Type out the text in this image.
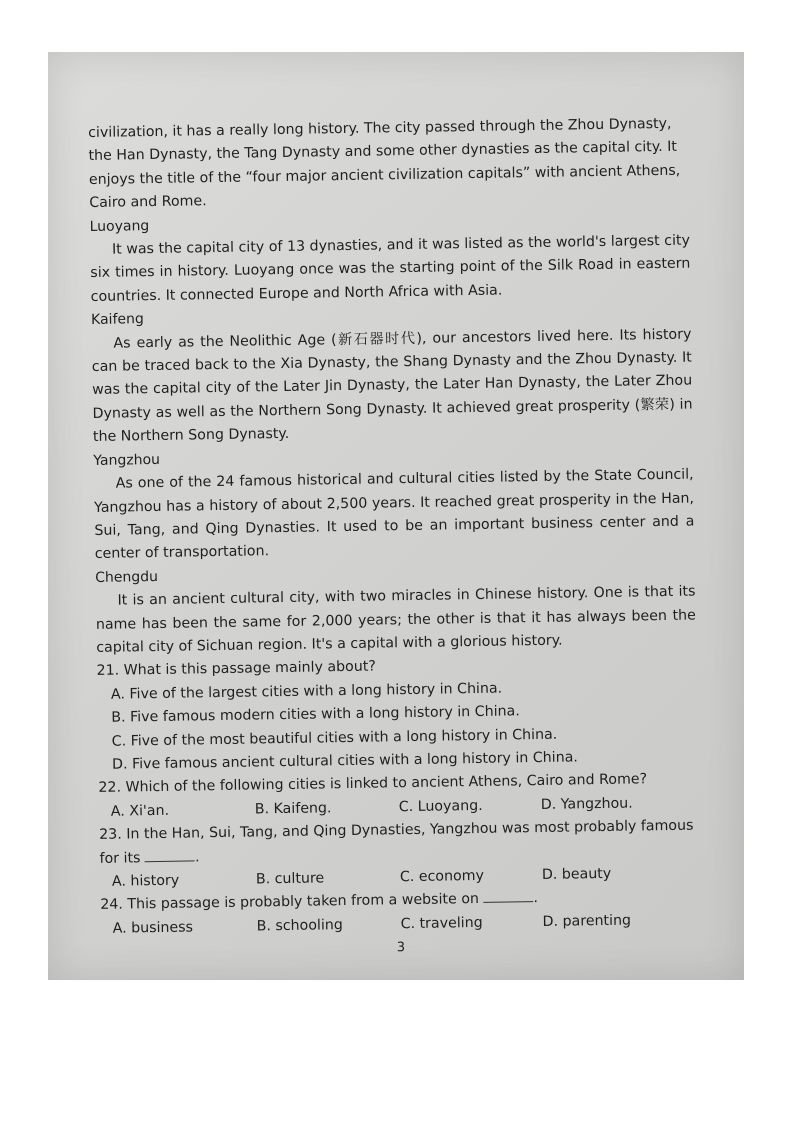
civilization, it has a really long history. The city passed through the Zhou Dynasty,

the Han Dynasty, the Tang Dynasty and some other dynasties as the capital city. It

enjoys the title of the “four major ancient civilization capitals” with ancient Athens,

Cairo and Rome.

Luoyang

It was the capital city of 13 dynasties, and it was listed as the world's largest city six times in history. Luoyang once was the starting point of the Silk Road in eastern countries. It connected Europe and North Africa with Asia.

Kaifeng

As early as the Neolithic Age (新石器时代), our ancestors lived here. Its history can be traced back to the Xia Dynasty, the Shang Dynasty and the Zhou Dynasty. It was the capital city of the Later Jin Dynasty, the Later Han Dynasty, the Later Zhou Dynasty as well as the Northern Song Dynasty. It achieved great prosperity (繁荣) in the Northern Song Dynasty.

Yangzhou

As one of the 24 famous historical and cultural cities listed by the State Council, Yangzhou has a history of about 2,500 years. It reached great prosperity in the Han, Sui, Tang, and Qing Dynasties. It used to be an important business center and a center of transportation.

Chengdu

It is an ancient cultural city, with two miracles in Chinese history. One is that its name has been the same for 2,000 years; the other is that it has always been the capital city of Sichuan region. It's a capital with a glorious history.

21. What is this passage mainly about?

A. Five of the largest cities with a long history in China.

B. Five famous modern cities with a long history in China.

C. Five of the most beautiful cities with a long history in China.

D. Five famous ancient cultural cities with a long history in China.

22. Which of the following cities is linked to ancient Athens, Cairo and Rome?

A. Xi'an.	B. Kaifeng.	C. Luoyang.	D. Yangzhou.

23. In the Han, Sui, Tang, and Qing Dynasties, Yangzhou was most probably famous

for its	.

A. history	B. culture	C. economy	D. beauty

24. This passage is probably taken from a website on	.

A. business	B. schooling	C. traveling	D. parenting

3
